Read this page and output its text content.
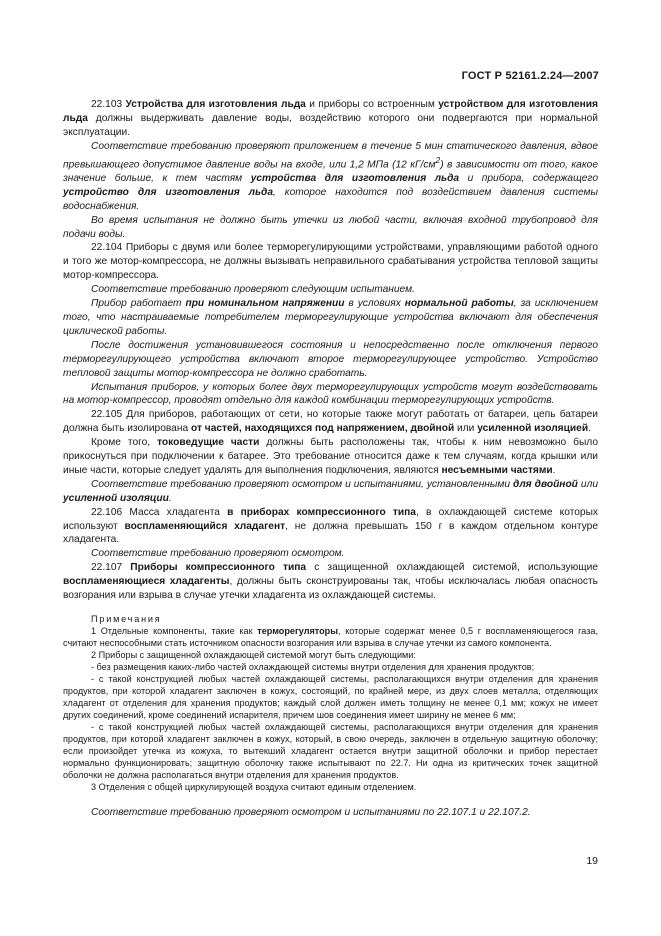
ГОСТ Р 52161.2.24—2007

22.103 Устройства для изготовления льда и приборы со встроенным устройством для изготовления льда должны выдерживать давление воды, воздействию которого они подвергаются при нормальной эксплуатации.

Соответствие требованию проверяют приложением в течение 5 мин статического давления, вдвое превышающего допустимое давление воды на входе, или 1,2 МПа (12 $кГ/см^2$) в зависимости от того, какое значение больше, к тем частям устройства для изготовления льда и прибора, содержащего устройство для изготовления льда, которое находится под воздействием давления системы водоснабжения.

Во время испытания не должно быть утечки из любой части, включая входной трубопровод для подачи воды.

22.104 Приборы с двумя или более терморегулирующими устройствами, управляющими работой одного и того же мотор-компрессора, не должны вызывать неправильного срабатывания устройства тепловой защиты мотор-компрессора.

Соответствие требованию проверяют следующим испытанием.

Прибор работает при номинальном напряжении в условиях нормальной работы, за исключением того, что настраиваемые потребителем терморегулирующие устройства включают для обеспечения циклической работы.

После достижения установившегося состояния и непосредственно после отключения первого терморегулирующего устройства включают второе терморегулирующее устройство. Устройство тепловой защиты мотор-компрессора не должно сработать.

Испытания приборов, у которых более двух терморегулирующих устройств могут воздействовать на мотор-компрессор, проводят отдельно для каждой комбинации терморегулирующих устройств.

22.105 Для приборов, работающих от сети, но которые также могут работать от батареи, цепь батареи должна быть изолирована от частей, находящихся под напряжением, двойной или усиленной изоляцией.

Кроме того, токоведущие части должны быть расположены так, чтобы к ним невозможно было прикоснуться при подключении к батарее. Это требование относится даже к тем случаям, когда крышки или иные части, которые следует удалять для выполнения подключения, являются несъемными частями.

Соответствие требованию проверяют осмотром и испытаниями, установленными для двойной или усиленной изоляции.

22.106 Масса хладагента в приборах компрессионного типа, в охлаждающей системе которых используют воспламеняющийся хладагент, не должна превышать 150 г в каждом отдельном контуре хладагента.

Соответствие требованию проверяют осмотром.

22.107 Приборы компрессионного типа с защищенной охлаждающей системой, использующие воспламеняющиеся хладагенты, должны быть сконструированы так, чтобы исключалась любая опасность возгорания или взрыва в случае утечки хладагента из охлаждающей системы.

Примечания

1 Отдельные компоненты, такие как терморегуляторы, которые содержат менее 0,5 г воспламеняющегося газа, считают неспособными стать источником опасности возгорания или взрыва в случае утечки из самого компонента.

2 Приборы с защищенной охлаждающей системой могут быть следующими:

- без размещения каких-либо частей охлаждающей системы внутри отделения для хранения продуктов;

- с такой конструкцией любых частей охлаждающей системы, располагающихся внутри отделения для хранения продуктов, при которой хладагент заключен в кожух, состоящий, по крайней мере, из двух слоев металла, отделяющих хладагент от отделения для хранения продуктов; каждый слой должен иметь толщину не менее 0,1 мм; кожух не имеет других соединений, кроме соединений испарителя, причем шов соединения имеет ширину не менее 6 мм;

- с такой конструкцией любых частей охлаждающей системы, располагающихся внутри отделения для хранения продуктов, при которой хладагент заключен в кожух, который, в свою очередь, заключен в отдельную защитную оболочку; если произойдет утечка из кожуха, то вытекший хладагент остается внутри защитной оболочки и прибор перестает нормально функционировать; защитную оболочку также испытывают по 22.7. Ни одна из критических точек защитной оболочки не должна располагаться внутри отделения для хранения продуктов.

3 Отделения с общей циркулирующей воздуха считают единым отделением.

Соответствие требованию проверяют осмотром и испытаниями по 22.107.1 и 22.107.2.

19
